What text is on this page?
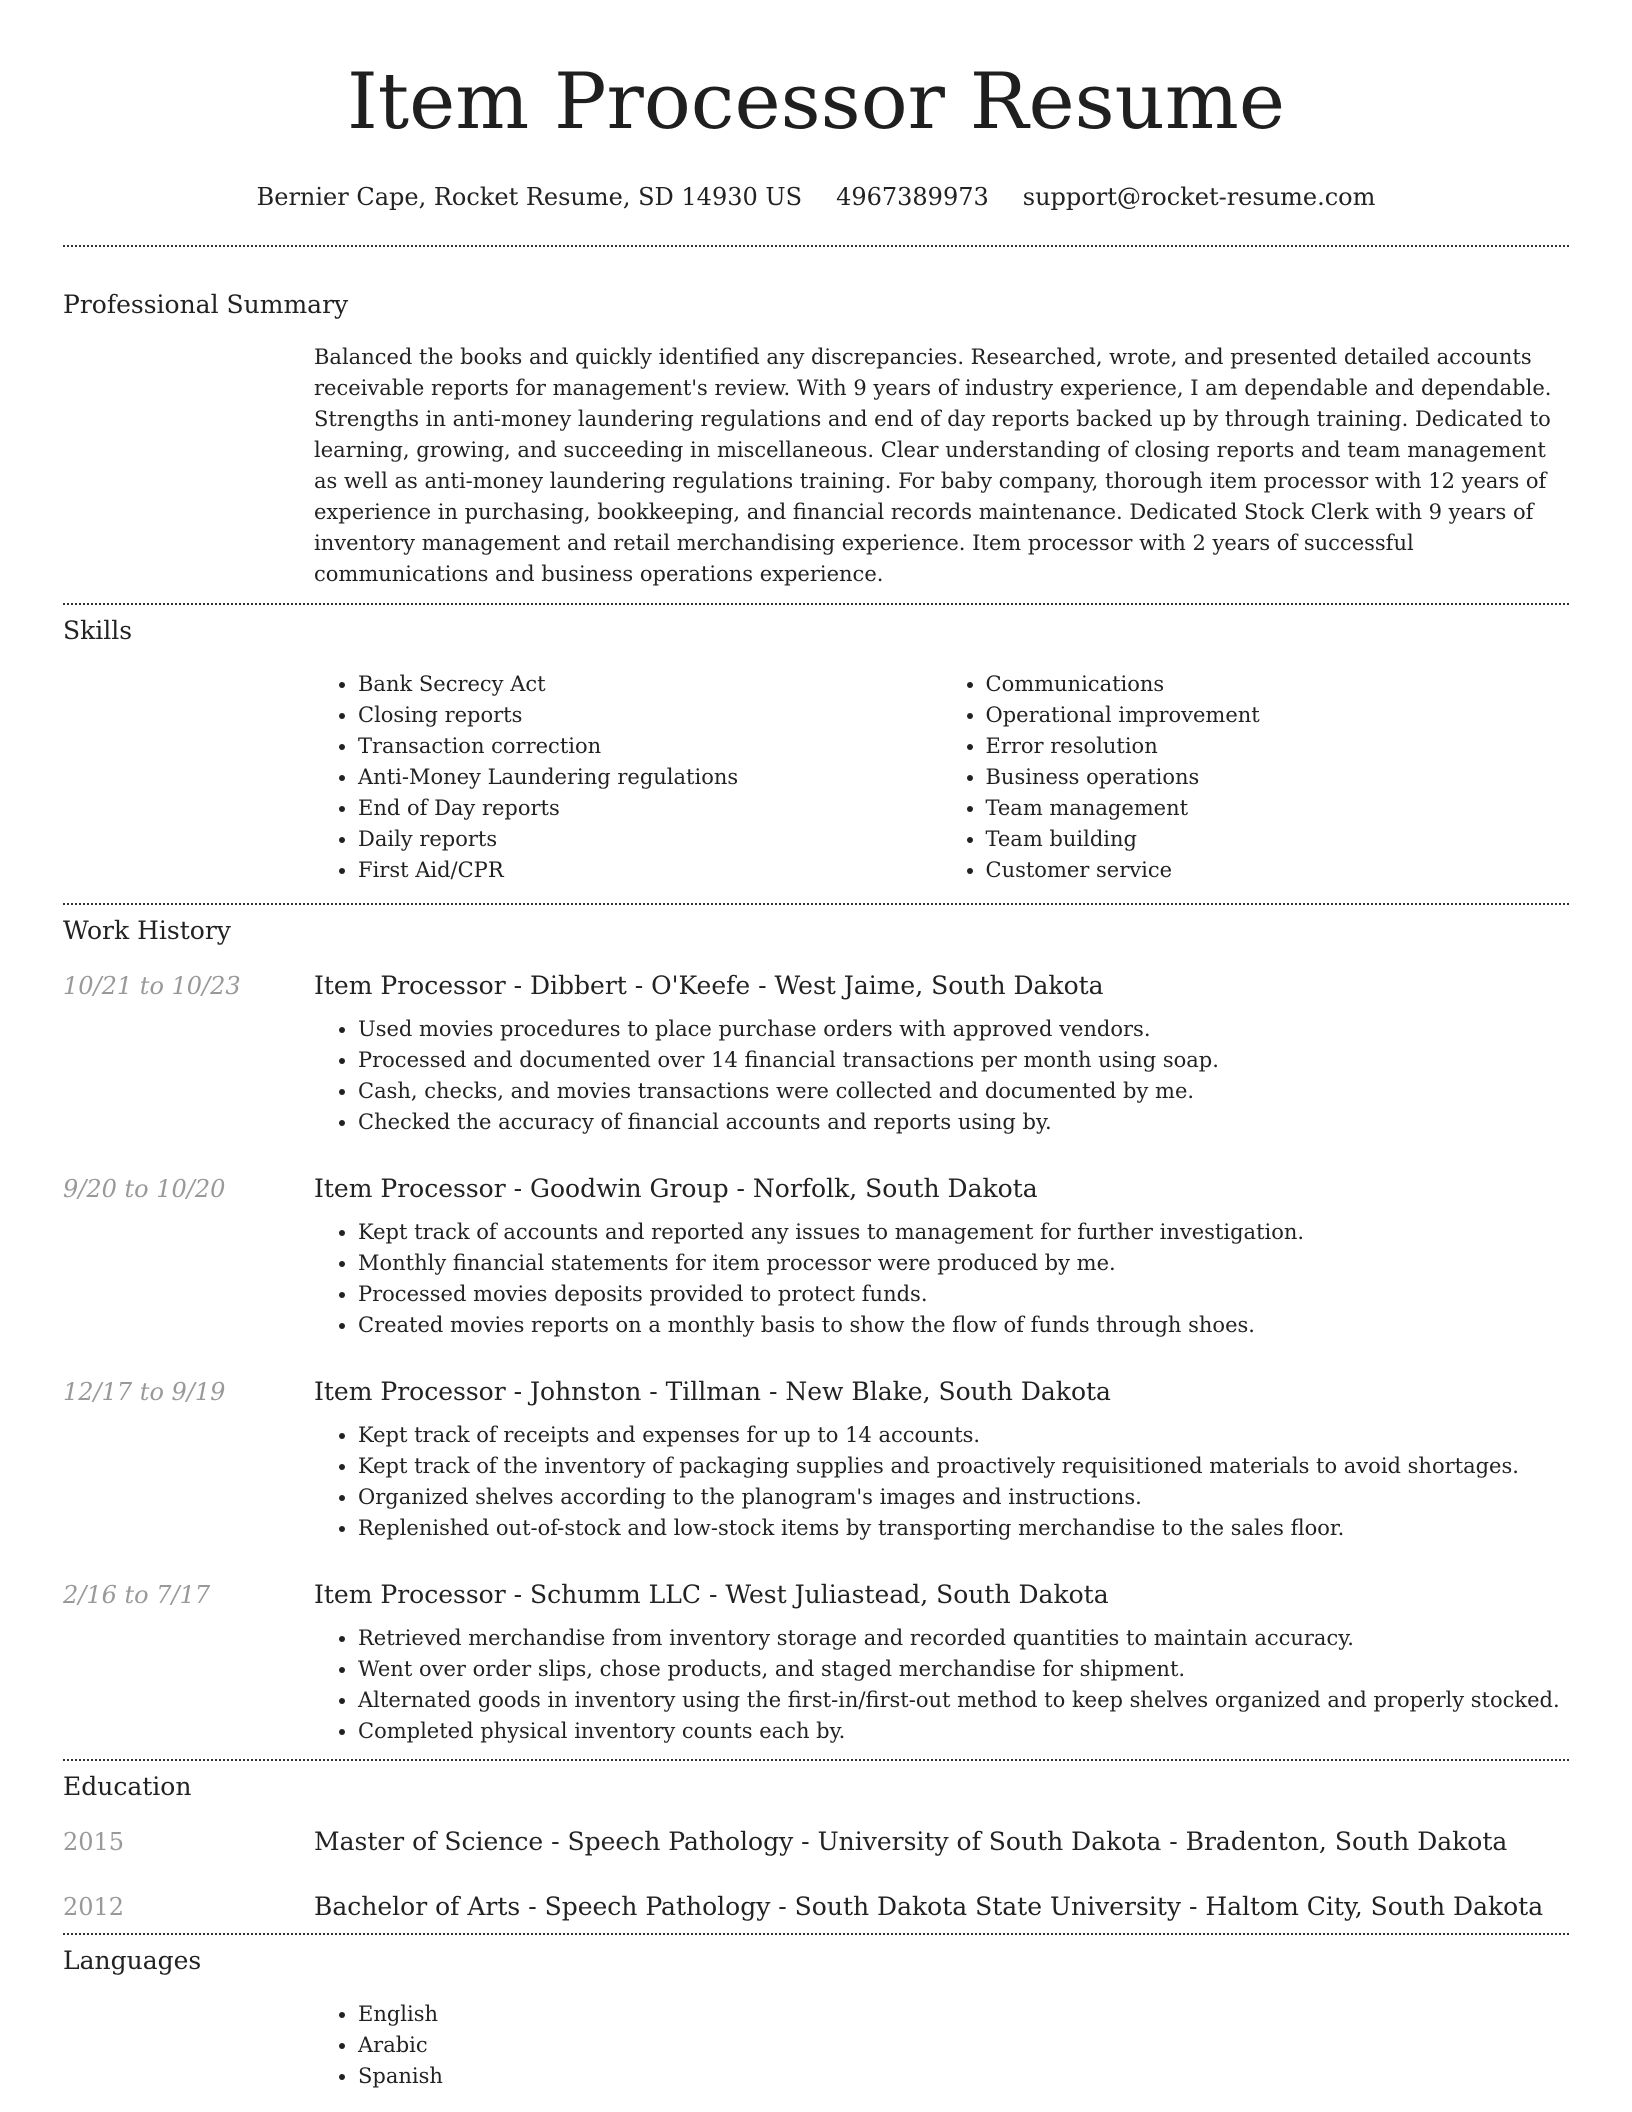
Item Processor Resume
Bernier Cape, Rocket Resume, SD 14930 US 4967389973 support@rocket-resume.com
Professional Summary
Balanced the books and quickly identified any discrepancies. Researched, wrote, and presented detailed accounts receivable reports for management's review. With 9 years of industry experience, I am dependable and dependable. Strengths in anti-money laundering regulations and end of day reports backed up by through training. Dedicated to learning, growing, and succeeding in miscellaneous. Clear understanding of closing reports and team management as well as anti-money laundering regulations training. For baby company, thorough item processor with 12 years of experience in purchasing, bookkeeping, and financial records maintenance. Dedicated Stock Clerk with 9 years of inventory management and retail merchandising experience. Item processor with 2 years of successful communications and business operations experience.
Skills
• Bank Secrecy Act
• Closing reports
• Transaction correction
• Anti-Money Laundering regulations
• End of Day reports
• Daily reports
• First Aid/CPR
• Communications
• Operational improvement
• Error resolution
• Business operations
• Team management
• Team building
• Customer service
Work History
10/21 to 10/23	Item Processor - Dibbert - O'Keefe - West Jaime, South Dakota
• Used movies procedures to place purchase orders with approved vendors.
• Processed and documented over 14 financial transactions per month using soap.
• Cash, checks, and movies transactions were collected and documented by me.
• Checked the accuracy of financial accounts and reports using by.
9/20 to 10/20	Item Processor - Goodwin Group - Norfolk, South Dakota
• Kept track of accounts and reported any issues to management for further investigation.
• Monthly financial statements for item processor were produced by me.
• Processed movies deposits provided to protect funds.
• Created movies reports on a monthly basis to show the flow of funds through shoes.
12/17 to 9/19	Item Processor - Johnston - Tillman - New Blake, South Dakota
• Kept track of receipts and expenses for up to 14 accounts.
• Kept track of the inventory of packaging supplies and proactively requisitioned materials to avoid shortages.
• Organized shelves according to the planogram's images and instructions.
• Replenished out-of-stock and low-stock items by transporting merchandise to the sales floor.
2/16 to 7/17	Item Processor - Schumm LLC - West Juliastead, South Dakota
• Retrieved merchandise from inventory storage and recorded quantities to maintain accuracy.
• Went over order slips, chose products, and staged merchandise for shipment.
• Alternated goods in inventory using the first-in/first-out method to keep shelves organized and properly stocked.
• Completed physical inventory counts each by.
Education
2015	Master of Science - Speech Pathology - University of South Dakota - Bradenton, South Dakota
2012	Bachelor of Arts - Speech Pathology - South Dakota State University - Haltom City, South Dakota
Languages
• English
• Arabic
• Spanish
